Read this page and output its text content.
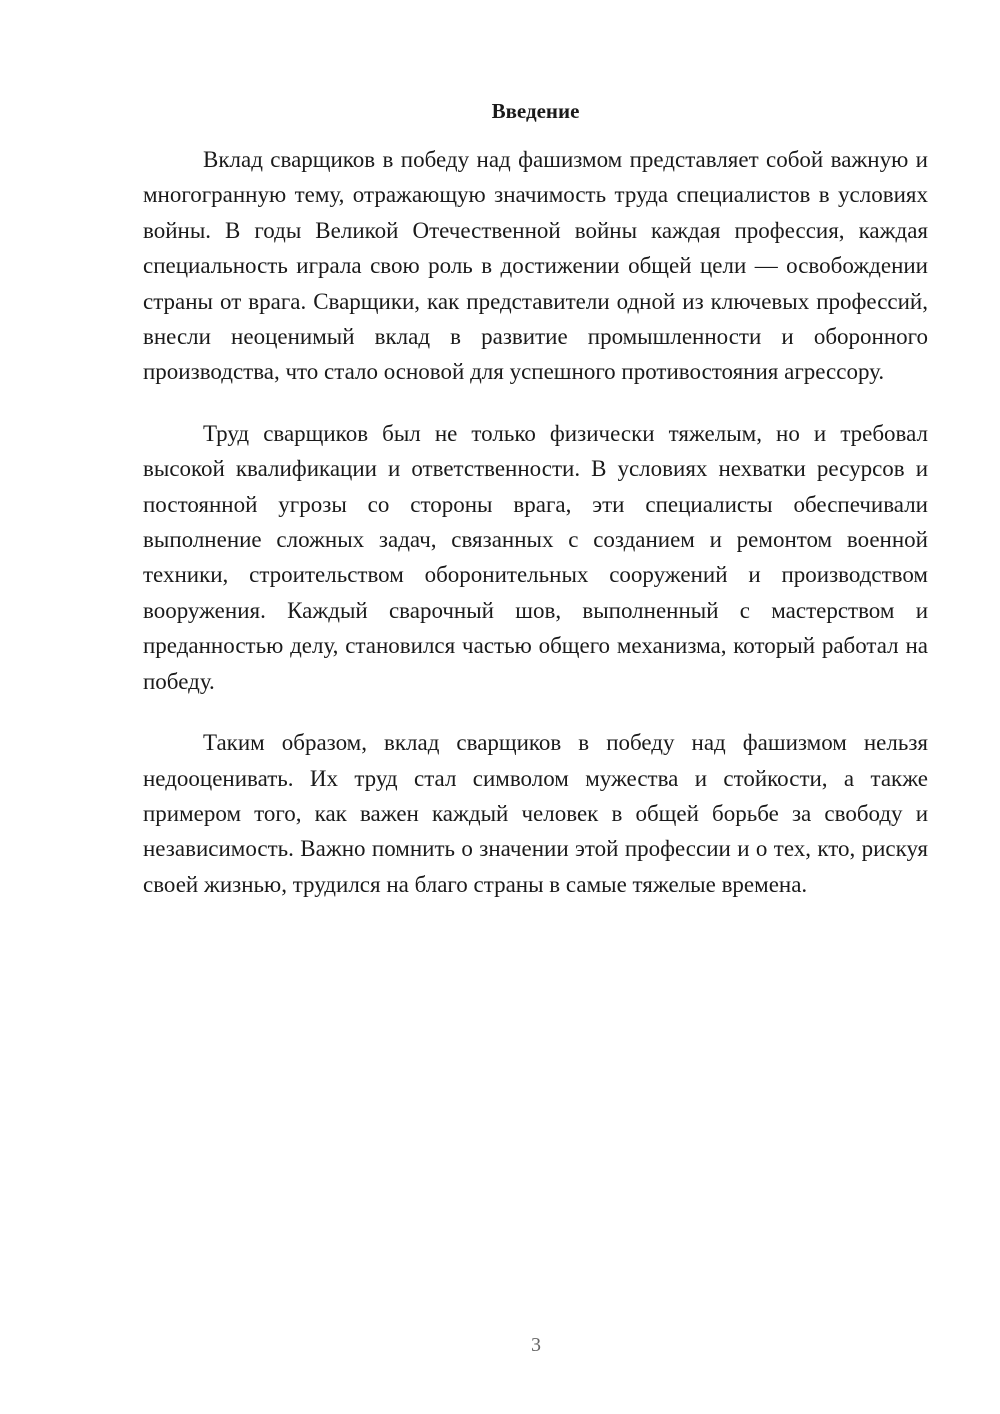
Введение

Вклад сварщиков в победу над фашизмом представляет собой важную и многогранную тему, отражающую значимость труда специалистов в условиях войны. В годы Великой Отечественной войны каждая профессия, каждая специальность играла свою роль в достижении общей цели — освобождении страны от врага. Сварщики, как представители одной из ключевых профессий, внесли неоценимый вклад в развитие промышленности и оборонного производства, что стало основой для успешного противостояния агрессору.

Труд сварщиков был не только физически тяжелым, но и требовал высокой квалификации и ответственности. В условиях нехватки ресурсов и постоянной угрозы со стороны врага, эти специалисты обеспечивали выполнение сложных задач, связанных с созданием и ремонтом военной техники, строительством оборонительных сооружений и производством вооружения. Каждый сварочный шов, выполненный с мастерством и преданностью делу, становился частью общего механизма, который работал на победу.

Таким образом, вклад сварщиков в победу над фашизмом нельзя недооценивать. Их труд стал символом мужества и стойкости, а также примером того, как важен каждый человек в общей борьбе за свободу и независимость. Важно помнить о значении этой профессии и о тех, кто, рискуя своей жизнью, трудился на благо страны в самые тяжелые времена.

3
